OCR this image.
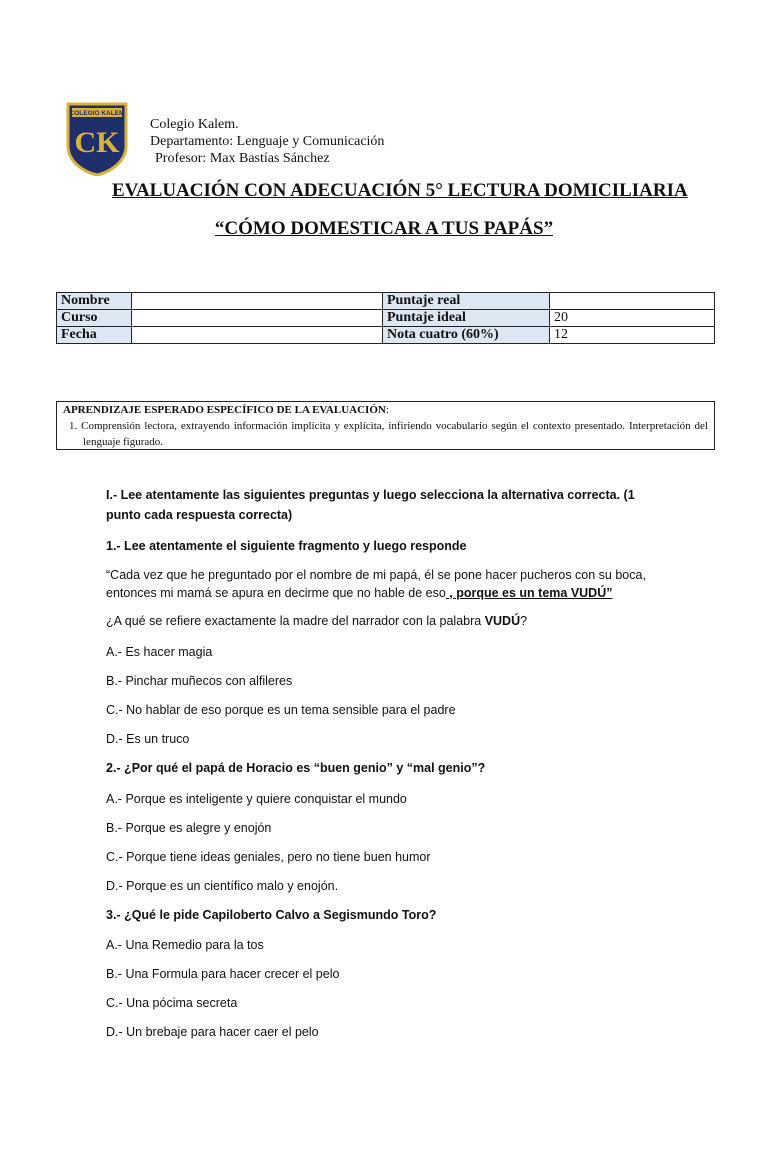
COLEGIO KALEM
CK
Colegio Kalem.
Departamento: Lenguaje y Comunicación
Profesor: Max Bastías Sánchez
EVALUACIÓN CON ADECUACIÓN 5° LECTURA DOMICILIARIA
“CÓMO DOMESTICAR A TUS PAPÁS”
Nombre		Puntaje real	
Curso		Puntaje ideal	20
Fecha		Nota cuatro (60%)	12
APRENDIZAJE ESPERADO ESPECÍFICO DE LA EVALUACIÓN:
1. Comprensión lectora, extrayendo información implícita y explícita, infiriendo vocabulario según el contexto presentado. Interpretación del lenguaje figurado.
I.- Lee atentamente las siguientes preguntas y luego selecciona la alternativa correcta. (1 punto cada respuesta correcta)
1.- Lee atentamente el siguiente fragmento y luego responde
“Cada vez que he preguntado por el nombre de mi papá, él se pone hacer pucheros con su boca, entonces mi mamá se apura en decirme que no hable de eso , porque es un tema VUDÚ”
¿A qué se refiere exactamente la madre del narrador con la palabra VUDÚ?
A.- Es hacer magia
B.- Pinchar muñecos con alfileres
C.- No hablar de eso porque es un tema sensible para el padre
D.- Es un truco
2.- ¿Por qué el papá de Horacio es “buen genio” y “mal genio”?
A.- Porque es inteligente y quiere conquistar el mundo
B.- Porque es alegre y enojón
C.- Porque tiene ideas geniales, pero no tiene buen humor
D.- Porque es un científico malo y enojón.
3.- ¿Qué le pide Capiloberto Calvo a Segismundo Toro?
A.- Una Remedio para la tos
B.- Una Formula para hacer crecer el pelo
C.- Una pócima secreta
D.- Un brebaje para hacer caer el pelo
